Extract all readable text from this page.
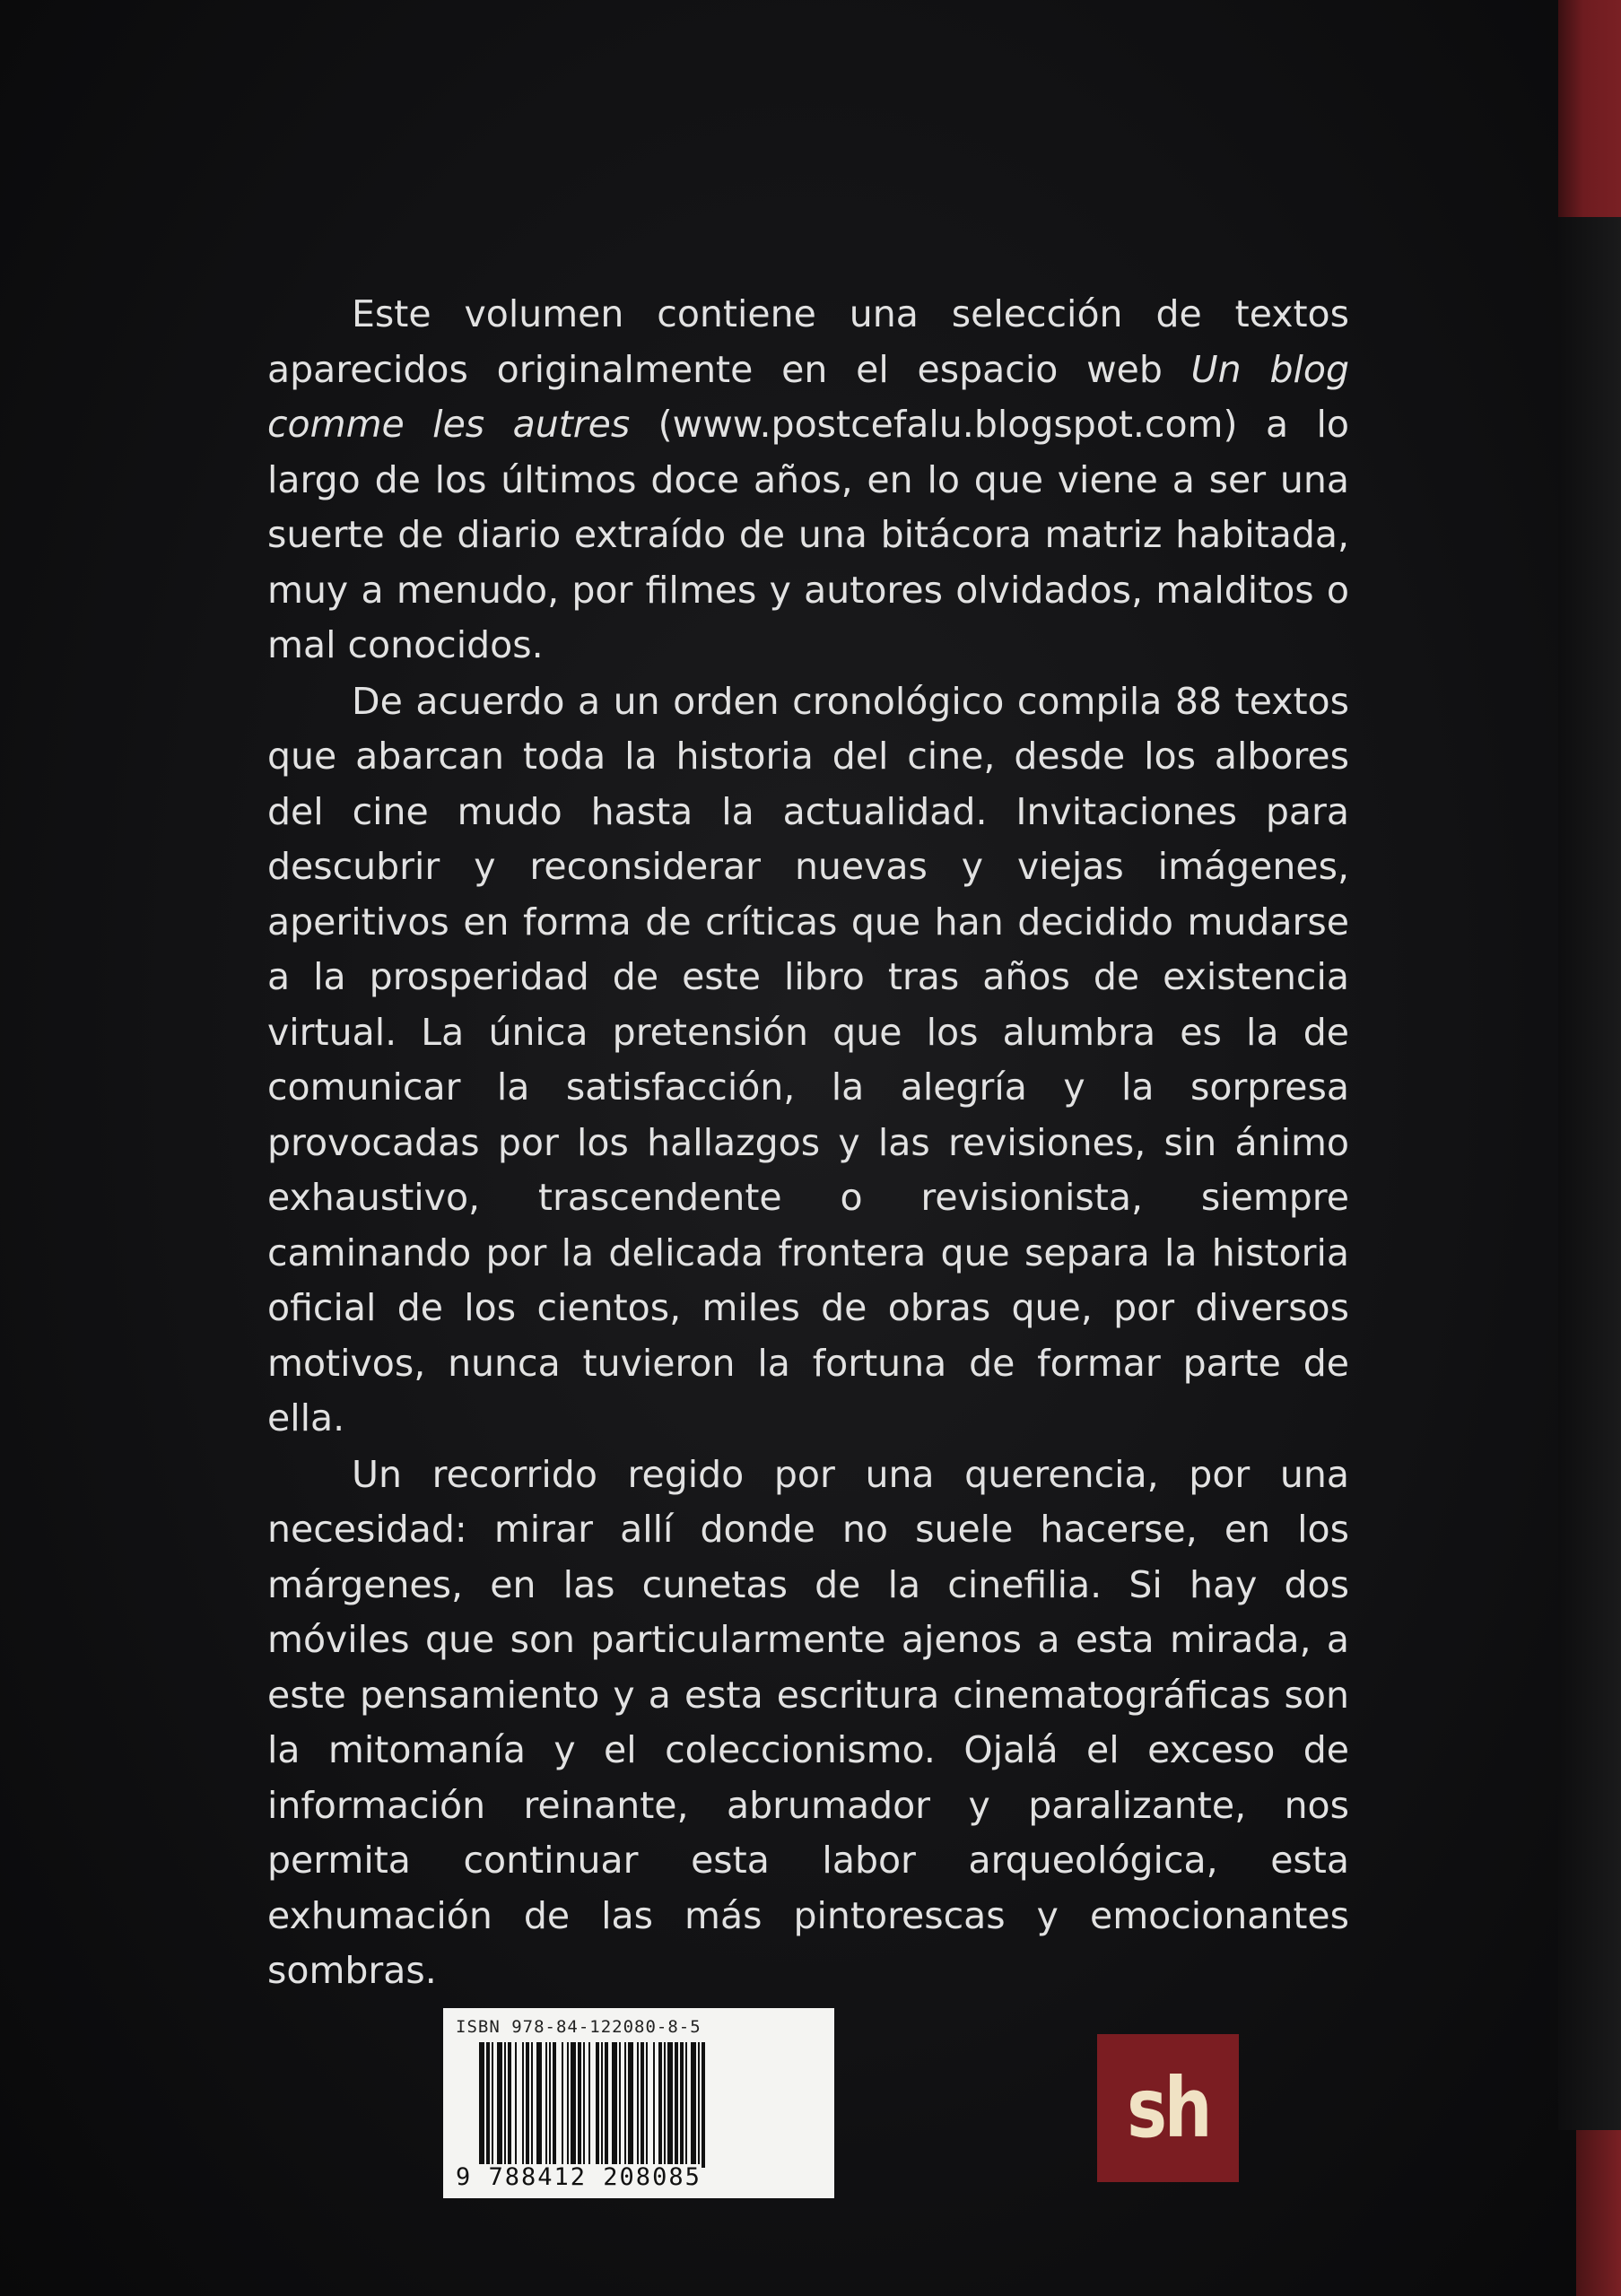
Este volumen contiene una selección de textos aparecidos originalmente en el espacio web Un blog comme les autres (www.postcefalu.blogspot.com) a lo largo de los últimos doce años, en lo que viene a ser una suerte de diario extraído de una bitácora matriz habitada, muy a menudo, por filmes y autores olvidados, malditos o mal conocidos.

De acuerdo a un orden cronológico compila 88 textos que abarcan toda la historia del cine, desde los albores del cine mudo hasta la actualidad. Invitaciones para descubrir y reconsiderar nuevas y viejas imágenes, aperitivos en forma de críticas que han decidido mudarse a la prosperidad de este libro tras años de existencia virtual. La única pretensión que los alumbra es la de comunicar la satisfacción, la alegría y la sorpresa provocadas por los hallazgos y las revisiones, sin ánimo exhaustivo, trascendente o revisionista, siempre caminando por la delicada frontera que separa la historia oficial de los cientos, miles de obras que, por diversos motivos, nunca tuvieron la fortuna de formar parte de ella.

Un recorrido regido por una querencia, por una necesidad: mirar allí donde no suele hacerse, en los márgenes, en las cunetas de la cinefilia. Si hay dos móviles que son particularmente ajenos a esta mirada, a este pensamiento y a esta escritura cinematográficas son la mitomanía y el coleccionismo. Ojalá el exceso de información reinante, abrumador y paralizante, nos permita continuar esta labor arqueológica, esta exhumación de las más pintorescas y emocionantes sombras.

ISBN 978-84-122080-8-5
9 788412 208085
sh
